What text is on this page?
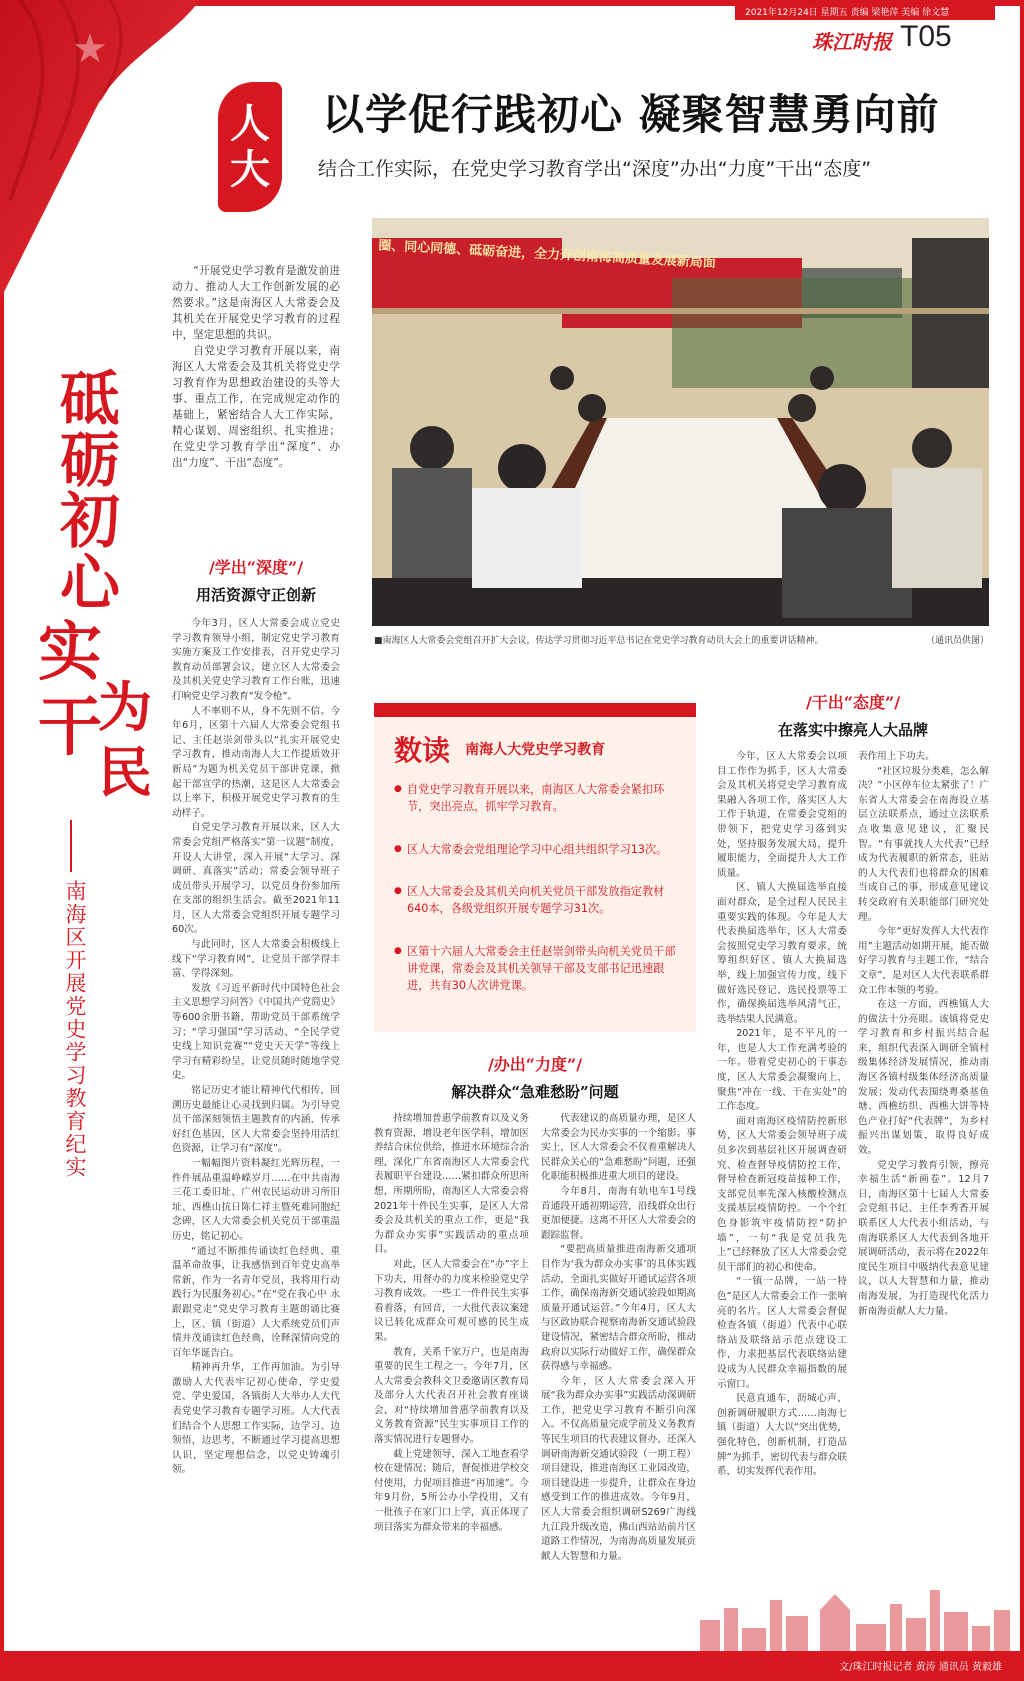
2021年12月24日 星期五 责编 梁艳萍 美编 徐文慧
珠江时报 T05
★
人
大
以学促行践初心 凝聚智慧勇向前
结合工作实际，在党史学习教育学出“深度”办出“力度”干出“态度”
砥
砺
初
心
实
干
为
民
南海区开展党史学习教育纪实

“开展党史学习教育是激发前进动力、推动人大工作创新发展的必然要求。”这是南海区人大常委会及其机关在开展党史学习教育的过程中，坚定思想的共识。

自党史学习教育开展以来，南海区人大常委会及其机关将党史学习教育作为思想政治建设的头等大事、重点工作，在完成规定动作的基础上，紧密结合人大工作实际，精心谋划、周密组织、扎实推进；在党史学习教育学出“深度”、办出“力度”、干出“态度”。

/学出“深度”/
用活资源守正创新

今年3月，区人大常委会成立党史学习教育领导小组，制定党史学习教育实施方案及工作安排表，召开党史学习教育动员部署会议，建立区人大常委会及其机关党史学习教育工作台账，迅速打响党史学习教育“发令枪”。

人不率则不从，身不先则不信。今年6月，区第十六届人大常委会党组书记、主任赵崇剑带头以“扎实开展党史学习教育，推动南海人大工作提质效开新局”为题为机关党员干部讲党课，掀起干部宣学的热潮，这是区人大常委会以上率下，积极开展党史学习教育的生动样子。

自党史学习教育开展以来，区人大常委会党组严格落实“第一议题”制度，开设人大讲堂，深入开展“大学习、深调研、真落实”活动；常委会领导班子成员带头开展学习，以党员身份参加所在支部的组织生活会。截至2021年11月，区人大常委会党组织开展专题学习60次。

与此同时，区人大常委会积极线上线下“学习教育网”，让党员干部学得丰富、学得深刻。

发放《习近平新时代中国特色社会主义思想学习问答》《中国共产党简史》等600余册书籍，帮助党员干部系统学习；“学习强国”学习活动、“全民学党史线上知识竞赛”“党史天天学”等线上学习有精彩纷呈，让党员随时随地学党史。

铭记历史才能让精神代代相传，回溯历史最能让心灵找到归属。为引导党员干部深刻领悟主题教育的内涵，传承好红色基因，区人大常委会坚持用活红色资源，让学习有“深度”。

一幅幅图片资料凝红光辉历程，一件件展品重温峥嵘岁月……在中共南海三花工委旧址、广州农民运动讲习所旧址、西樵山抗日陈仁祥主暨死难同胞纪念碑，区人大常委会机关党员干部重温历史，铭记初心。

“通过不断推传诵读红色经典、重温革命故事，让我感悟到百年党史高举常新，作为一名青年党员，我将用行动践行为民服务初心。”在“党在我心中 永跟跟党走”党史学习教育主题朗诵比赛上，区、镇（街道）人大系统党员们声情并茂诵读红色经典，诠释深情向党的百年华诞告白。

精神再升华，工作再加油。为引导激励人大代表牢记初心使命，学史爱党、学史爱国，各镇街人大举办人大代表党史学习教育专题学习班。人大代表们结合个人思想工作实际，边学习、边领悟，边思考，不断通过学习提高思想认识，坚定理想信念，以党史铸魂引领。

圈、同心同德、砥砺奋进，全力开创南海高质量发展新局面
■南海区人大常委会党组召开扩大会议，传达学习贯彻习近平总书记在党史学习教育动员大会上的重要讲话精神。	（通讯员供图）
数读 南海人大党史学习教育
● 自党史学习教育开展以来，南海区人大常委会紧扣环节，突出亮点，抓牢学习教育。
● 区人大常委会党组理论学习中心组共组织学习13次。
● 区人大常委会及其机关向机关党员干部发放指定教材640本，各级党组织开展专题学习31次。
● 区第十六届人大常委会主任赵崇剑带头向机关党员干部讲党课，常委会及其机关领导干部及支部书记迅速跟进，共有30人次讲党课。
/办出“力度”/
解决群众“急难愁盼”问题

持续增加普惠学前教育以及义务教育资源，增设老年医学科，增加医养结合床位供给，推进水环境综合治理，深化广东省南海区人大常委会代表履职平台建设……紧扣群众所思所想，所期所盼，南海区人大常委会将2021年十件民生实事，是区人大常委会及其机关的重点工作，更是“我为群众办实事”实践活动的重点项目。

对此，区人大常委会在“办”字上下功夫，用督办的力度来检验党史学习教育成效。一些工一件件民生实事看着落，有回音，一大批代表议案建议已转化成群众可观可感的民生成果。

教育，关系千家万户，也是南海重要的民生工程之一。今年7月，区人大常委会教科文卫委邀请区教育局及部分人大代表召开社会教育座谈会，对“持续增加普惠学前教育以及义务教育资源”民生实事项目工作的落实情况进行专题督办。

截上党建领导，深入工地查看学校在建情况；随后，督促推进学校交付使用，力促项目推进“再加速”。今年9月份，5所公办小学投用，又有一批孩子在家门口上学，真正体现了项目落实为群众带来的幸福感。

代表建议的高质量办理，是区人大常委会为民办实事的一个缩影。事实上，区人大常委会不仅着重解决人民群众关心的“急难愁盼”问题，还强化职能积极推进重大项目的建设。

今年8月，南海有轨电车1号线首通段开通初期运营，沿线群众出行更加便捷。这离不开区人大常委会的跟踪监督。

“要把高质量推进南海新交通项目作为‘我为群众办实事’的具体实践活动，全面扎实做好开通试运营各项工作，确保南海新交通试验段如期高质量开通试运营。”今年4月，区人大与区政协联合视察南海新交通试验段建设情况，紧密结合群众所盼，推动政府以实际行动做好工作，确保群众获得感与幸福感。

今年，区人大常委会深入开展“我为群众办实事”实践活动深调研工作，把党史学习教育不断引向深入。不仅高质量完成学前及义务教育等民生项目的代表建议督办，还深入调研南海新交通试验段（一期工程）项目建设，推进南海区工业园改造，项目建设进一步提升，让群众在身边感受到工作的推进成效。今年9月，区人大常委会组织调研S269广海线九江段升级改造，佛山西站站前片区道路工作情况，为南海高质量发展贡献人大智慧和力量。

/干出“态度”/
在落实中擦亮人大品牌

今年，区人大常委会以项目工作作为抓手，区人大常委会及其机关将党史学习教育成果融入各项工作，落实区人大工作于轨道，在常委会党组的带领下，把党史学习落到实处，坚持服务发展大局，提升履职能力，全面提升人大工作质量。

区、镇人大换届选举直接面对群众，是全过程人民民主重要实践的体现。今年是人大代表换届选举年，区人大常委会按照党史学习教育要求，统筹组织好区、镇人大换届选举，线上加强宣传力度，线下做好选民登记、选民投票等工作，确保换届选举风清气正，选举结果人民满意。

2021年，是不平凡的一年，也是人大工作充满考验的一年。带着党史初心的干事态度，区人大常委会凝聚向上，聚焦“冲在一线、干在实处”的工作态度。

面对南海区疫情防控新形势，区人大常委会领导班子成员多次到基层社区开展调查研究、检查督导疫情防控工作，督导检查新冠疫苗接种工作，支部党员率先深入核酸检测点支援基层疫情防控。一个个红色身影筑牢疫情防控“防护墙”，一句“我是党员我先上”已经释放了区人大常委会党员干部们的初心和使命。

“一镇一品牌，一站一特色”是区人大常委会工作一张响亮的名片。区人大常委会督促检查各镇（街道）代表中心联络站及联络站示范点建设工作，力求把基层代表联络站建设成为人民群众幸福指数的展示窗口。

民意直通车，沥城心声，创新调研履职方式……南海七镇（街道）人大以“突出优势，强化特色，创新机制，打造品牌”为抓手，密切代表与群众联系，切实发挥代表作用。

表作用上下功夫。

“社区垃圾分类难，怎么解决？”小区停车位太紧张了！广东省人大常委会在南海设立基层立法联系点，通过立法联系点收集意见建议，汇聚民智。“有事就找人大代表”已经成为代表履职的新常态，驻站的人大代表们也将群众的困难当成自己的事，形成意见建议转交政府有关职能部门研究处理。

今年“更好发挥人大代表作用”主题活动如期开展，能否做好学习教育与主题工作，“结合文章”，是对区人大代表联系群众工作本领的考验。

在这一方面，西樵镇人大的做法十分亮眼。该镇将党史学习教育和乡村振兴结合起来，组织代表深入调研全镇村级集体经济发展情况，推动南海区各镇村级集体经济高质量发展；发动代表围绕粤桑基鱼塘、西樵纺织、西樵大饼等特色产业打好“代表牌”，为乡村振兴出谋划策，取得良好成效。

党史学习教育引领，擦亮幸福生活“新画卷”。12月7日，南海区第十七届人大常委会党组书记、主任李秀香开展联系区人大代表小组活动，与南海联系区人大代表到各地开展调研活动，表示将在2022年度民生项目中吸纳代表意见建议，以人大智慧和力量，推动南海发展，为打造现代化活力新南海贡献人大力量。

文/珠江时报记者 黄涛 通讯员 黄毅雄
